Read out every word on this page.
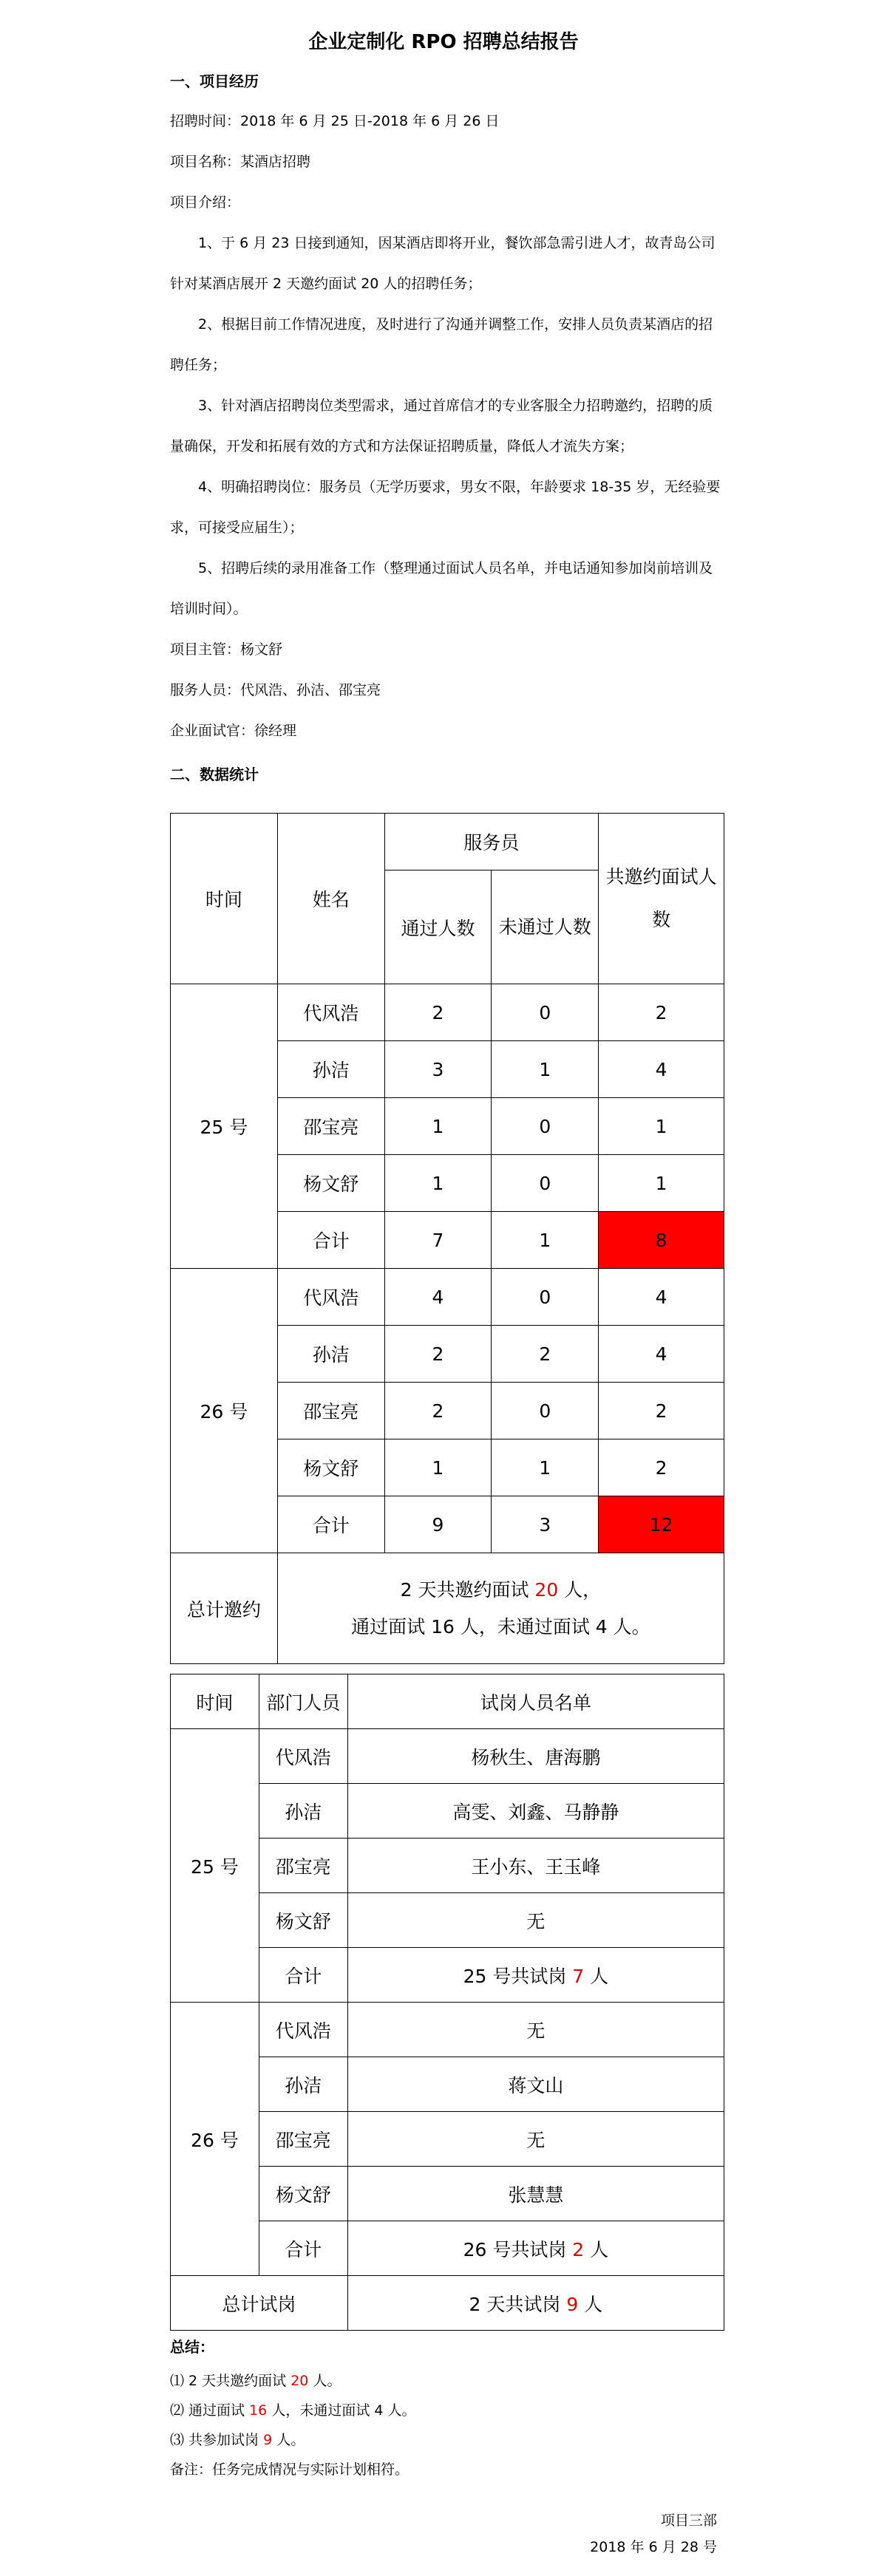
企业定制化 RPO 招聘总结报告
一、项目经历
招聘时间：2018 年 6 月 25 日-2018 年 6 月 26 日
项目名称：某酒店招聘
项目介绍：
1、于 6 月 23 日接到通知，因某酒店即将开业，餐饮部急需引进人才，故青岛公司针对某酒店展开 2 天邀约面试 20 人的招聘任务；
2、根据目前工作情况进度，及时进行了沟通并调整工作，安排人员负责某酒店的招聘任务；
3、针对酒店招聘岗位类型需求，通过首席信才的专业客服全力招聘邀约，招聘的质量确保，开发和拓展有效的方式和方法保证招聘质量，降低人才流失方案；
4、明确招聘岗位：服务员（无学历要求，男女不限，年龄要求 18-35 岁，无经验要求，可接受应届生）；
5、招聘后续的录用准备工作（整理通过面试人员名单，并电话通知参加岗前培训及培训时间）。
项目主管：杨文舒
服务人员：代风浩、孙洁、邵宝亮
企业面试官：徐经理
二、数据统计
时间	姓名	服务员		共邀约面试人数
		通过人数	未通过人数	
25 号	代风浩	2	0	2
	孙洁	3	1	4
	邵宝亮	1	0	1
	杨文舒	1	0	1
	合计	7	1	8
26 号	代风浩	4	0	4
	孙洁	2	2	4
	邵宝亮	2	0	2
	杨文舒	1	1	2
	合计	9	3	12
总计邀约	2 天共邀约面试 20 人，
通过面试 16 人，未通过面试 4 人。			
时间	部门人员	试岗人员名单
25 号	代风浩	杨秋生、唐海鹏
	孙洁	高雯、刘鑫、马静静
	邵宝亮	王小东、王玉峰
	杨文舒	无
	合计	25 号共试岗 7 人
26 号	代风浩	无
	孙洁	蒋文山
	邵宝亮	无
	杨文舒	张慧慧
	合计	26 号共试岗 2 人
总计试岗		2 天共试岗 9 人
总结：
⑴ 2 天共邀约面试 20 人。
⑵ 通过面试 16 人，未通过面试 4 人。
⑶ 共参加试岗 9 人。
备注：任务完成情况与实际计划相符。
项目三部
2018 年 6 月 28 号
